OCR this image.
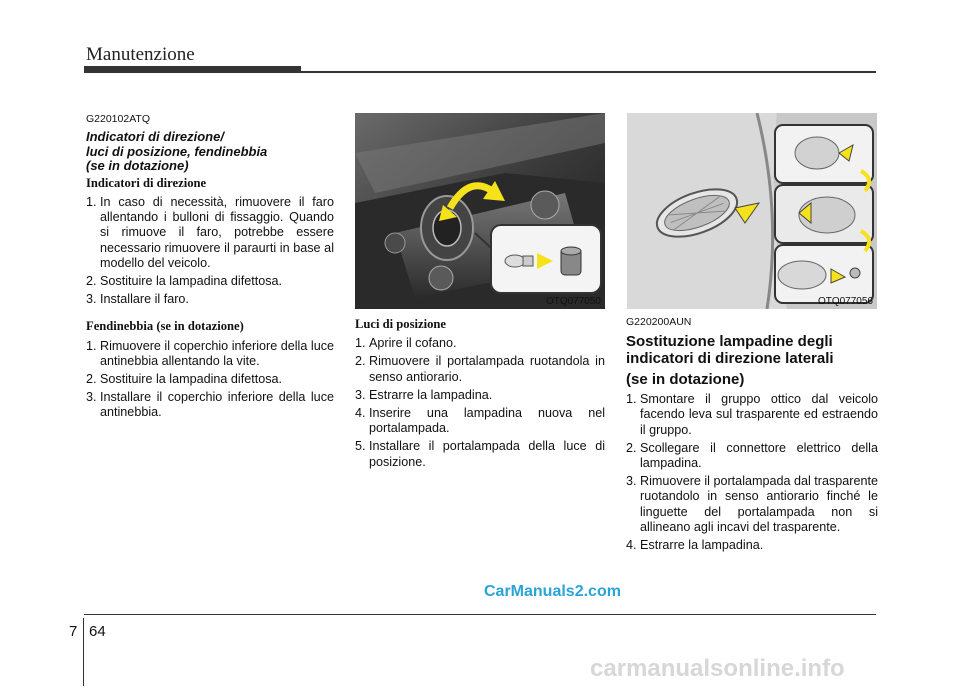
Manutenzione
G220102ATQ
Indicatori di direzione/
luci di posizione, fendinebbia
(se in dotazione)
Indicatori di direzione
1. In caso di necessità, rimuovere il faro allentando i bulloni di fissaggio. Quando si rimuove il faro, potrebbe essere necessario rimuovere il paraurti in base al modello del veicolo.
2. Sostituire la lampadina difettosa.
3. Installare il faro.
Fendinebbia (se in dotazione)
1. Rimuovere il coperchio inferiore della luce antinebbia allentando la vite.
2. Sostituire la lampadina difettosa.
3. Installare il coperchio inferiore della luce antinebbia.
OTQ077050
Luci di posizione
1. Aprire il cofano.
2. Rimuovere il portalampada ruotandola in senso antiorario.
3. Estrarre la lampadina.
4. Inserire una lampadina nuova nel portalampada.
5. Installare il portalampada della luce di posizione.
OTQ077056
G220200AUN
Sostituzione lampadine degli
indicatori di direzione laterali
(se in dotazione)
1. Smontare il gruppo ottico dal veicolo facendo leva sul trasparente ed estraendo il gruppo.
2. Scollegare il connettore elettrico della lampadina.
3. Rimuovere il portalampada dal trasparente ruotandolo in senso antiorario finché le linguette del portalampada non si allineano agli incavi del trasparente.
4. Estrarre la lampadina.
CarManuals2.com
carmanualsonline.info
7 64
